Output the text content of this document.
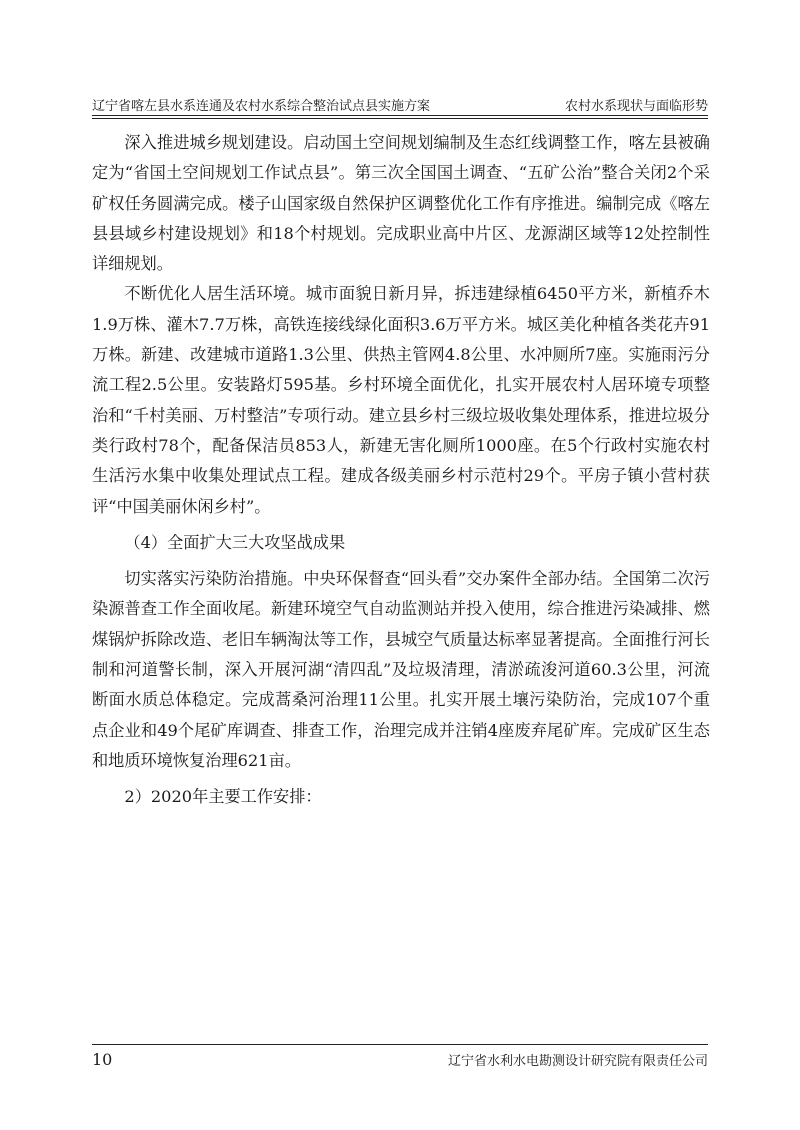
辽宁省喀左县水系连通及农村水系综合整治试点县实施方案	农村水系现状与面临形势

深入推进城乡规划建设。启动国土空间规划编制及生态红线调整工作，喀左县被确定为“省国土空间规划工作试点县”。第三次全国国土调查、“五矿公治”整合关闭2个采矿权任务圆满完成。楼子山国家级自然保护区调整优化工作有序推进。编制完成《喀左县县域乡村建设规划》和18个村规划。完成职业高中片区、龙源湖区域等12处控制性详细规划。

不断优化人居生活环境。城市面貌日新月异，拆违建绿植6450平方米，新植乔木1.9万株、灌木7.7万株，高铁连接线绿化面积3.6万平方米。城区美化种植各类花卉91万株。新建、改建城市道路1.3公里、供热主管网4.8公里、水冲厕所7座。实施雨污分流工程2.5公里。安装路灯595基。乡村环境全面优化，扎实开展农村人居环境专项整治和“千村美丽、万村整洁”专项行动。建立县乡村三级垃圾收集处理体系，推进垃圾分类行政村78个，配备保洁员853人，新建无害化厕所1000座。在5个行政村实施农村生活污水集中收集处理试点工程。建成各级美丽乡村示范村29个。平房子镇小营村获评“中国美丽休闲乡村”。

（4）全面扩大三大攻坚战成果

切实落实污染防治措施。中央环保督查“回头看”交办案件全部办结。全国第二次污染源普查工作全面收尾。新建环境空气自动监测站并投入使用，综合推进污染减排、燃煤锅炉拆除改造、老旧车辆淘汰等工作，县城空气质量达标率显著提高。全面推行河长制和河道警长制，深入开展河湖“清四乱”及垃圾清理，清淤疏浚河道60.3公里，河流断面水质总体稳定。完成蒿桑河治理11公里。扎实开展土壤污染防治，完成107个重点企业和49个尾矿库调查、排查工作，治理完成并注销4座废弃尾矿库。完成矿区生态和地质环境恢复治理621亩。

2）2020年主要工作安排：

10	辽宁省水利水电勘测设计研究院有限责任公司
